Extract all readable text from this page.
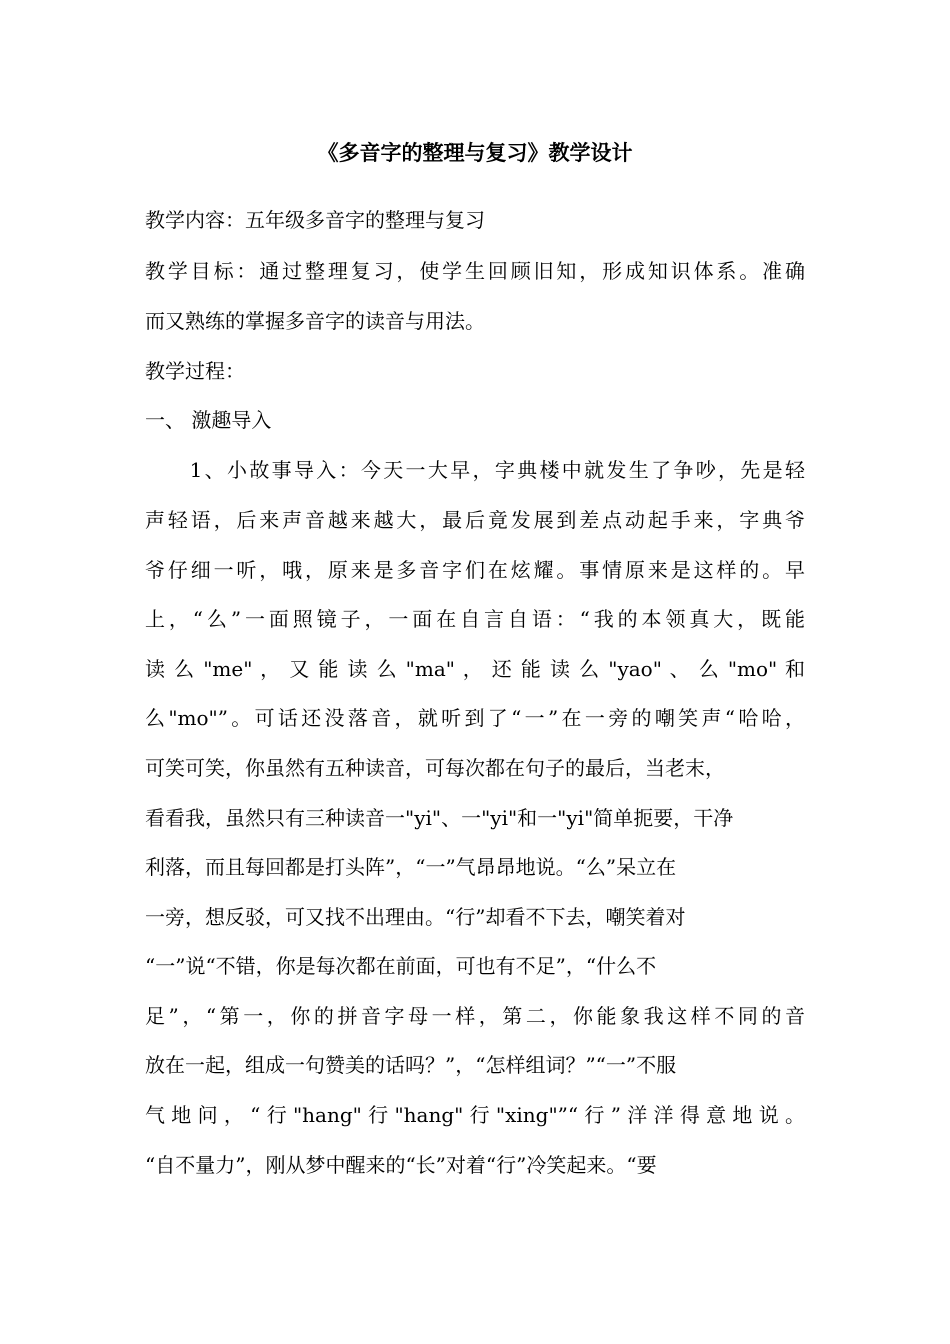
《多音字的整理与复习》教学设计
教学内容：五年级多音字的整理与复习
教学目标：通过整理复习，使学生回顾旧知，形成知识体系。准确
而又熟练的掌握多音字的读音与用法。
教学过程：
一、 激趣导入
　　1、小故事导入：今天一大早，字典楼中就发生了争吵，先是轻
声轻语，后来声音越来越大，最后竟发展到差点动起手来，字典爷
爷仔细一听，哦，原来是多音字们在炫耀。事情原来是这样的。早
上，“么”一面照镜子，一面在自言自语：“我的本领真大，既能
读 么 "me" ， 又 能 读 么 "ma" ， 还 能 读 么 "yao" 、 么 "mo" 和
么"mo"”。可话还没落音，就听到了“一”在一旁的嘲笑声“哈哈，
可笑可笑，你虽然有五种读音，可每次都在句子的最后，当老末，
看看我，虽然只有三种读音一"yi"、一"yi"和一"yi"简单扼要，干净
利落，而且每回都是打头阵”，“一”气昂昂地说。“么”呆立在
一旁，想反驳，可又找不出理由。“行”却看不下去，嘲笑着对
“一”说“不错，你是每次都在前面，可也有不足”，“什么不
足”，“第一，你的拼音字母一样，第二，你能象我这样不同的音
放在一起，组成一句赞美的话吗？”，“怎样组词？”“一”不服
气地问，“行"hang"行"hang"行"xing"”“行”洋洋得意地说。
“自不量力”，刚从梦中醒来的“长”对着“行”冷笑起来。“要
